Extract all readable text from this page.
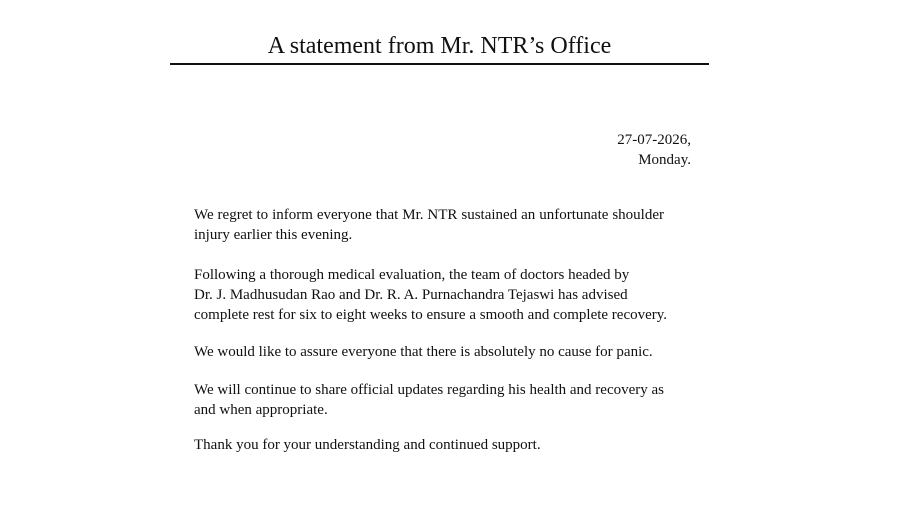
A statement from Mr. NTR’s Office
27-07-2026,
Monday.

We regret to inform everyone that Mr. NTR sustained an unfortunate shoulder
injury earlier this evening.

Following a thorough medical evaluation, the team of doctors headed by
Dr. J. Madhusudan Rao and Dr. R. A. Purnachandra Tejaswi has advised
complete rest for six to eight weeks to ensure a smooth and complete recovery.

We would like to assure everyone that there is absolutely no cause for panic.

We will continue to share official updates regarding his health and recovery as
and when appropriate.

Thank you for your understanding and continued support.
